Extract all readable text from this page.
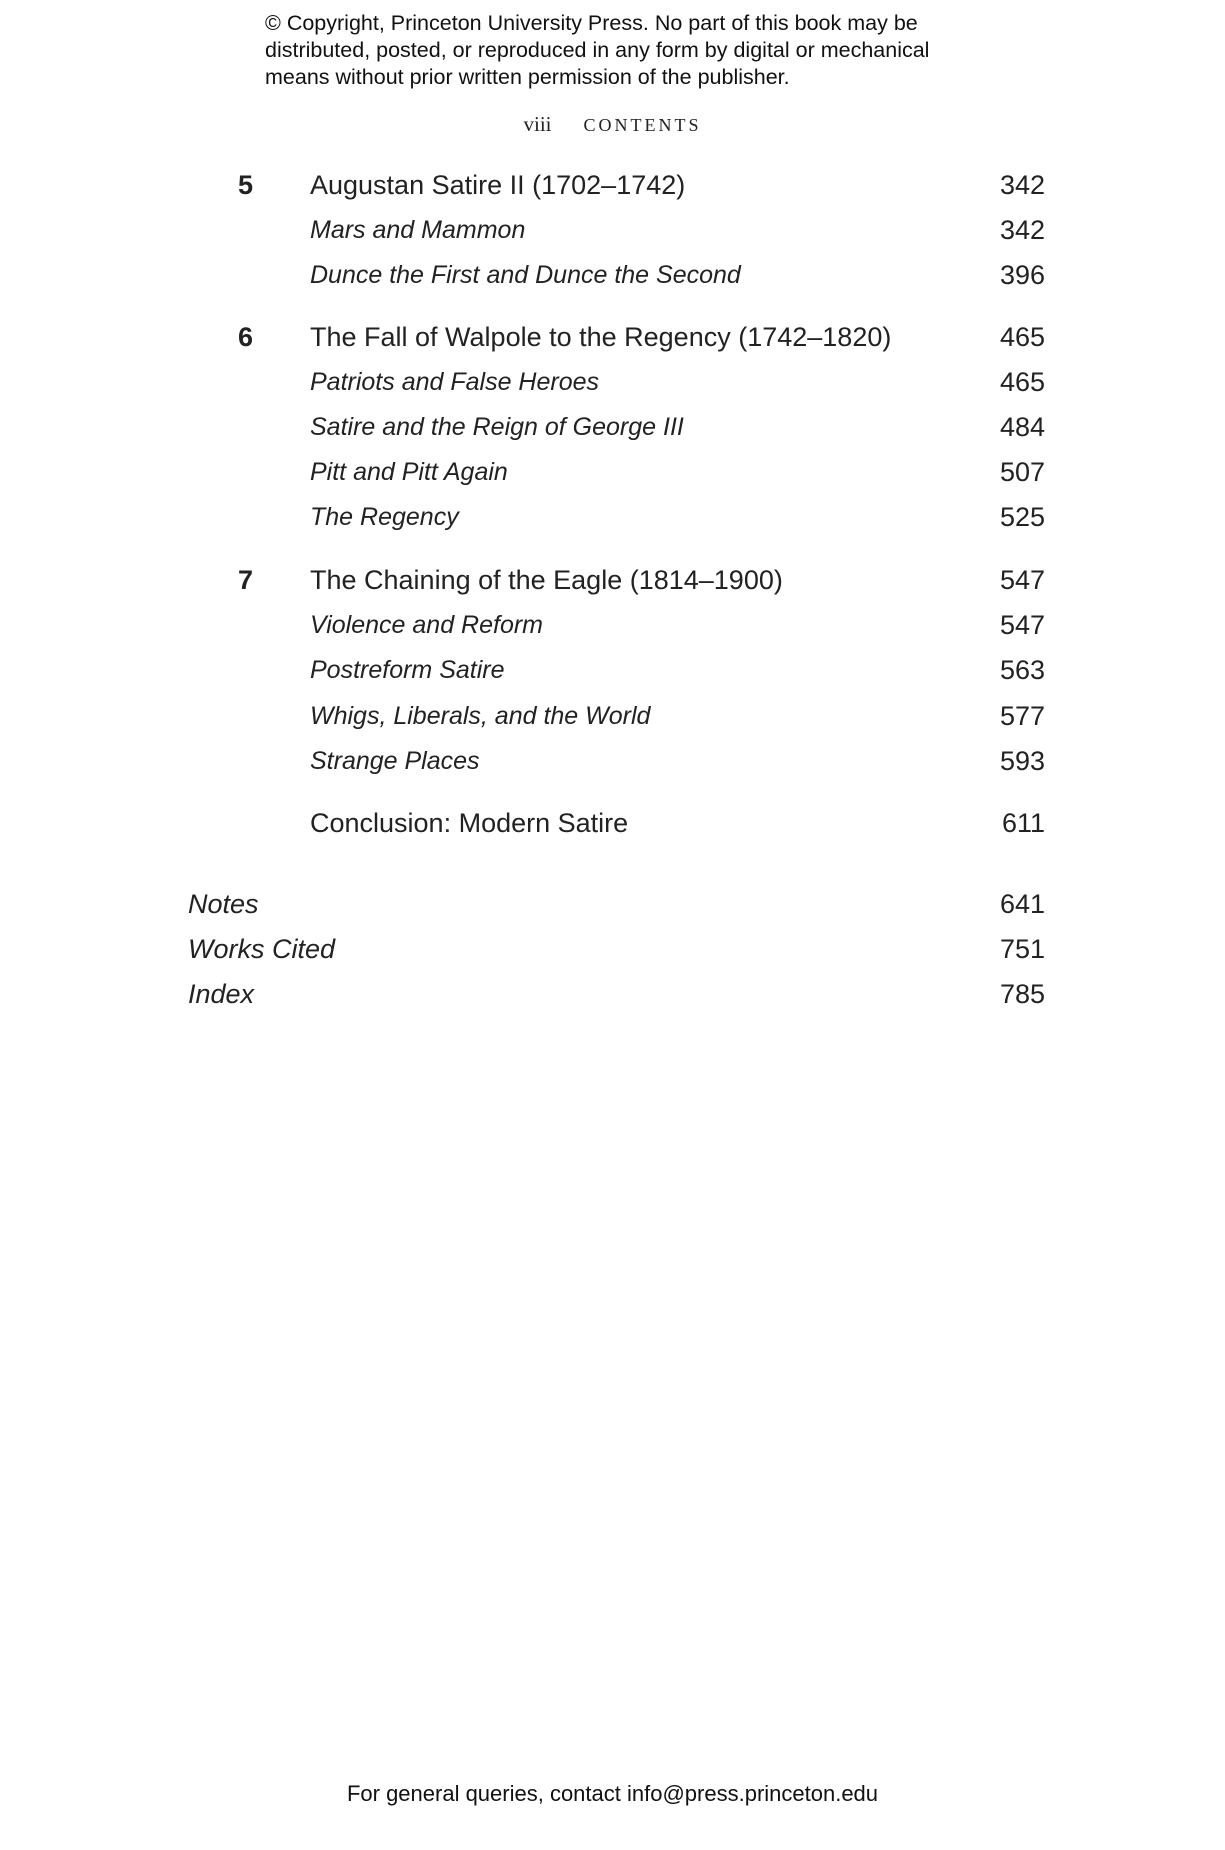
© Copyright, Princeton University Press. No part of this book may be
distributed, posted, or reproduced in any form by digital or mechanical
means without prior written permission of the publisher.
viii CONTENTS
5 Augustan Satire II (1702–1742)	342
Mars and Mammon	342
Dunce the First and Dunce the Second	396
6 The Fall of Walpole to the Regency (1742–1820)	465
Patriots and False Heroes	465
Satire and the Reign of George III	484
Pitt and Pitt Again	507
The Regency	525
7 The Chaining of the Eagle (1814–1900)	547
Violence and Reform	547
Postreform Satire	563
Whigs, Liberals, and the World	577
Strange Places	593
Conclusion: Modern Satire	611
Notes	641
Works Cited	751
Index	785
For general queries, contact info@press.princeton.edu
